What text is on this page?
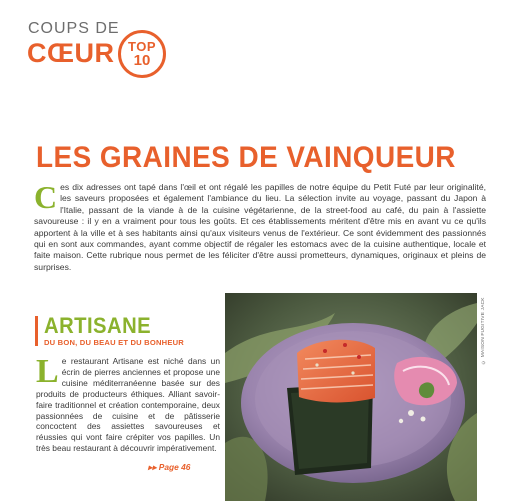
COUPS DE
CŒUR TOP
10
LES GRAINES DE VAINQUEUR
C es dix adresses ont tapé dans l'œil et ont régalé les papilles de notre équipe du Petit Futé par leur originalité, les saveurs proposées et également l'ambiance du lieu. La sélection invite au voyage, passant du Japon à l'Italie, passant de la viande à de la cuisine végétarienne, de la street-food au café, du pain à l'assiette savoureuse : il y en a vraiment pour tous les goûts. Et ces établissements méritent d'être mis en avant vu ce qu'ils apportent à la ville et à ses habitants ainsi qu'aux visiteurs venus de l'extérieur. Ce sont évidemment des passionnés qui en sont aux commandes, ayant comme objectif de régaler les estomacs avec de la cuisine authentique, locale et faite maison. Cette rubrique nous permet de les féliciter d'être aussi prometteurs, dynamiques, originaux et pleins de surprises.
ARTISANE
DU BON, DU BEAU ET DU BONHEUR
L e restaurant Artisane est niché dans un écrin de pierres anciennes et propose une cuisine méditerranéenne basée sur des produits de producteurs éthiques. Alliant savoir-faire traditionnel et création contemporaine, deux passionnées de cuisine et de pâtisserie concoctent des assiettes savoureuses et réussies qui vont faire crépiter vos papilles. Un très beau restaurant à découvrir impérativement.
▸▸ Page 46
© MAISON FUGITIVE JACK
